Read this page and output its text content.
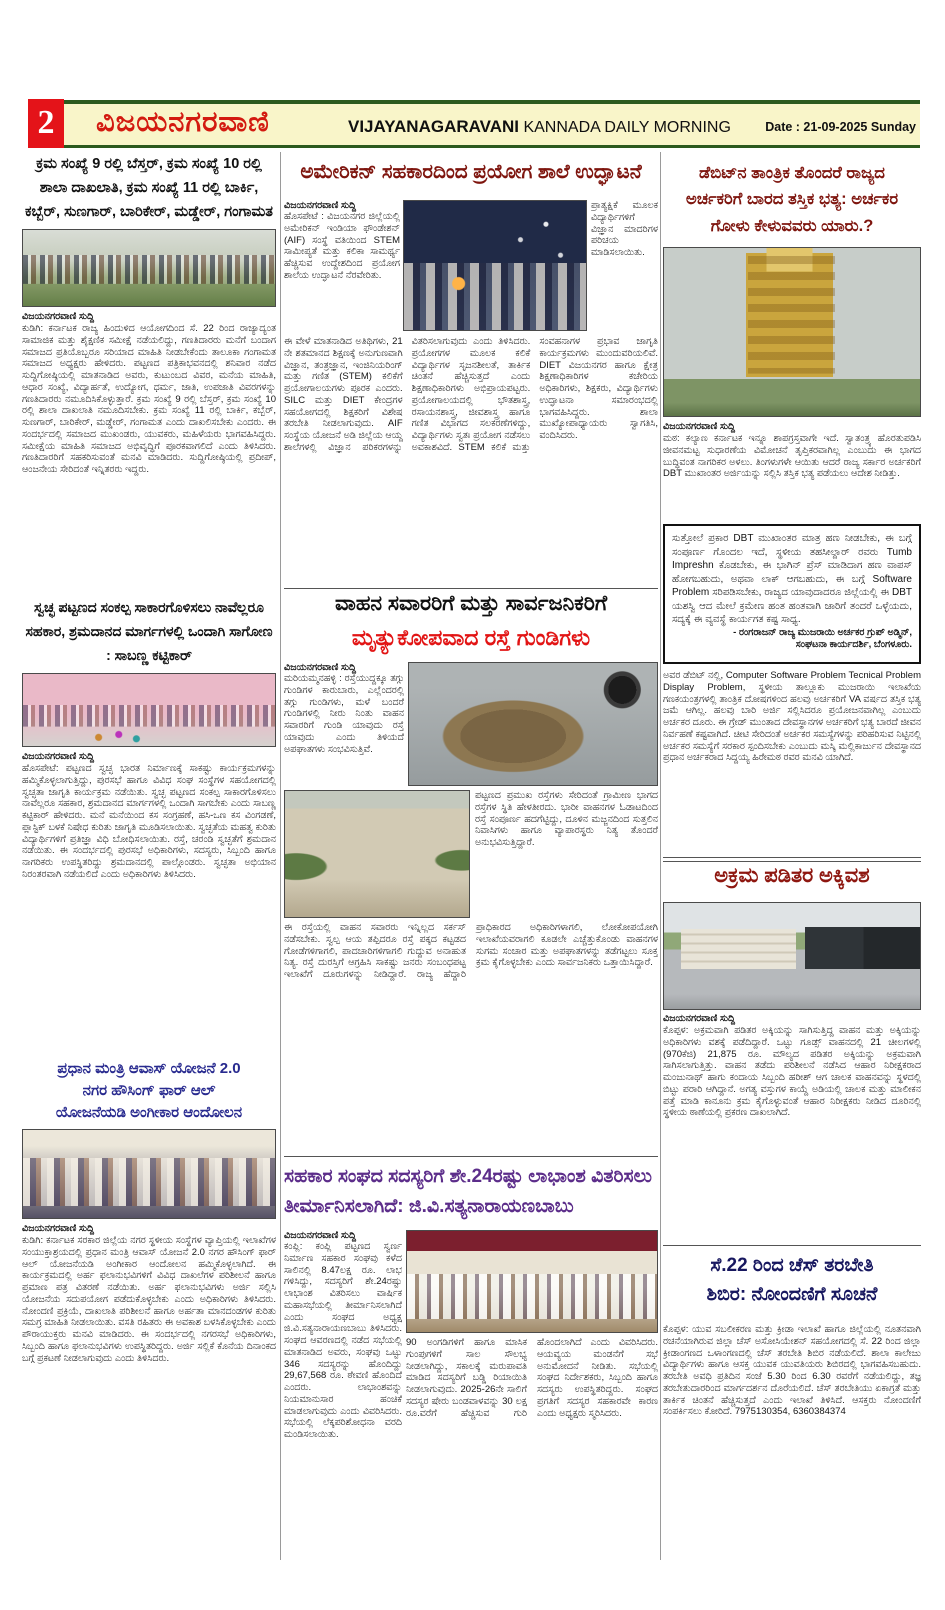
2	ವಿಜಯನಗರವಾಣಿ	VIJAYANAGARAVANI KANNADA DAILY MORNING	Date : 21-09-2025 Sunday
ಕ್ರಮ ಸಂಖ್ಯೆ 9 ರಲ್ಲಿ ಬೆಸ್ತರ್, ಕ್ರಮ ಸಂಖ್ಯೆ 10 ರಲ್ಲಿ ಶಾಲಾ ದಾಖಲಾತಿ, ಕ್ರಮ ಸಂಖ್ಯೆ 11 ರಲ್ಲಿ ಬಾರ್ಕಿ, ಕಬ್ಬೆರ್, ಸುಣಗಾರ್, ಬಾರಿಕೇರ್, ಮಡ್ಡೇರ್, ಗಂಗಾಮತ
ವಿಜಯನಗರವಾಣಿ ಸುದ್ದಿ
ಕುಡಿಗಿ: ಕರ್ನಾಟಕ ರಾಜ್ಯ ಹಿಂದುಳಿದ ಆಯೋಗದಿಂದ ಸೆ. 22 ರಿಂದ ರಾಜ್ಯಾದ್ಯಂತ ಸಾಮಾಜಿಕ ಮತ್ತು ಶೈಕ್ಷಣಿಕ ಸಮೀಕ್ಷೆ ನಡೆಯಲಿದ್ದು, ಗಣತಿದಾರರು ಮನೆಗೆ ಬಂದಾಗ ಸಮಾಜದ ಪ್ರತಿಯೊಬ್ಬರೂ ಸರಿಯಾದ ಮಾಹಿತಿ ನೀಡಬೇಕೆಂದು ತಾಲೂಕಾ ಗಂಗಾಮತ ಸಮಾಜದ ಅಧ್ಯಕ್ಷರು ಹೇಳಿದರು. ಪಟ್ಟಣದ ಪತ್ರಿಕಾಭವನದಲ್ಲಿ ಶನಿವಾರ ನಡೆದ ಸುದ್ದಿಗೋಷ್ಠಿಯಲ್ಲಿ ಮಾತನಾಡಿದ ಅವರು, ಕುಟುಂಬದ ವಿವರ, ಮನೆಯ ಮಾಹಿತಿ, ಆಧಾರ ಸಂಖ್ಯೆ, ವಿದ್ಯಾರ್ಹತೆ, ಉದ್ಯೋಗ, ಧರ್ಮ, ಜಾತಿ, ಉಪಜಾತಿ ವಿವರಗಳನ್ನು ಗಣತಿದಾರರು ನಮೂದಿಸಿಕೊಳ್ಳುತ್ತಾರೆ. ಕ್ರಮ ಸಂಖ್ಯೆ 9 ರಲ್ಲಿ ಬೆಸ್ತರ್, ಕ್ರಮ ಸಂಖ್ಯೆ 10 ರಲ್ಲಿ ಶಾಲಾ ದಾಖಲಾತಿ ನಮೂದಿಸಬೇಕು. ಕ್ರಮ ಸಂಖ್ಯೆ 11 ರಲ್ಲಿ ಬಾರ್ಕಿ, ಕಬ್ಬೆರ್, ಸುಣಗಾರ್, ಬಾರಿಕೇರ್, ಮಡ್ಡೇರ್, ಗಂಗಾಮತ ಎಂದು ದಾಖಲಿಸಬೇಕು ಎಂದರು. ಈ ಸಂದರ್ಭದಲ್ಲಿ ಸಮಾಜದ ಮುಖಂಡರು, ಯುವಕರು, ಮಹಿಳೆಯರು ಭಾಗವಹಿಸಿದ್ದರು. ಸಮೀಕ್ಷೆಯ ಮಾಹಿತಿ ಸಮಾಜದ ಅಭಿವೃದ್ಧಿಗೆ ಪೂರಕವಾಗಲಿದೆ ಎಂದು ತಿಳಿಸಿದರು. ಗಣತಿದಾರರಿಗೆ ಸಹಕರಿಸುವಂತೆ ಮನವಿ ಮಾಡಿದರು. ಸುದ್ದಿಗೋಷ್ಠಿಯಲ್ಲಿ ಪ್ರದೀಪ್, ಆಂಜನೇಯ ಸೇರಿದಂತೆ ಇನ್ನಿತರರು ಇದ್ದರು.
ಸ್ವಚ್ಛ ಪಟ್ಟಣದ ಸಂಕಲ್ಪ ಸಾಕಾರಗೊಳಿಸಲು ನಾವೆಲ್ಲರೂ ಸಹಕಾರ, ಶ್ರಮದಾನದ ಮಾರ್ಗಗಳಲ್ಲಿ ಒಂದಾಗಿ ಸಾಗೋಣ : ಸಾಬಣ್ಣ ಕಟ್ಟಿಕಾರ್
ವಿಜಯನಗರವಾಣಿ ಸುದ್ದಿ
ಹೊಸಪೇಟೆ: ಪಟ್ಟಣದ ಸ್ವಚ್ಛ ಭಾರತ ನಿರ್ಮಾಣಕ್ಕೆ ಸಾಕಷ್ಟು ಕಾರ್ಯಕ್ರಮಗಳನ್ನು ಹಮ್ಮಿಕೊಳ್ಳಲಾಗುತ್ತಿದ್ದು, ಪುರಸಭೆ ಹಾಗೂ ವಿವಿಧ ಸಂಘ ಸಂಸ್ಥೆಗಳ ಸಹಯೋಗದಲ್ಲಿ ಸ್ವಚ್ಛತಾ ಜಾಗೃತಿ ಕಾರ್ಯಕ್ರಮ ನಡೆಯಿತು. ಸ್ವಚ್ಛ ಪಟ್ಟಣದ ಸಂಕಲ್ಪ ಸಾಕಾರಗೊಳಿಸಲು ನಾವೆಲ್ಲರೂ ಸಹಕಾರ, ಶ್ರಮದಾನದ ಮಾರ್ಗಗಳಲ್ಲಿ ಒಂದಾಗಿ ಸಾಗಬೇಕು ಎಂದು ಸಾಬಣ್ಣ ಕಟ್ಟಿಕಾರ್ ಹೇಳಿದರು. ಮನೆ ಮನೆಯಿಂದ ಕಸ ಸಂಗ್ರಹಣೆ, ಹಸಿ-ಒಣ ಕಸ ವಿಂಗಡಣೆ, ಪ್ಲಾಸ್ಟಿಕ್ ಬಳಕೆ ನಿಷೇಧ ಕುರಿತು ಜಾಗೃತಿ ಮೂಡಿಸಲಾಯಿತು. ಸ್ವಚ್ಛತೆಯ ಮಹತ್ವ ಕುರಿತು ವಿದ್ಯಾರ್ಥಿಗಳಿಗೆ ಪ್ರತಿಜ್ಞಾ ವಿಧಿ ಬೋಧಿಸಲಾಯಿತು. ರಸ್ತೆ, ಚರಂಡಿ ಸ್ವಚ್ಛತೆಗೆ ಶ್ರಮದಾನ ನಡೆಯಿತು. ಈ ಸಂದರ್ಭದಲ್ಲಿ ಪುರಸಭೆ ಅಧಿಕಾರಿಗಳು, ಸದಸ್ಯರು, ಸಿಬ್ಬಂದಿ ಹಾಗೂ ನಾಗರಿಕರು ಉಪಸ್ಥಿತರಿದ್ದು ಶ್ರಮದಾನದಲ್ಲಿ ಪಾಲ್ಗೊಂಡರು. ಸ್ವಚ್ಛತಾ ಅಭಿಯಾನ ನಿರಂತರವಾಗಿ ನಡೆಯಲಿದೆ ಎಂದು ಅಧಿಕಾರಿಗಳು ತಿಳಿಸಿದರು.
ಪ್ರಧಾನ ಮಂತ್ರಿ ಆವಾಸ್ ಯೋಜನೆ 2.0
ನಗರ ಹೌಸಿಂಗ್ ಫಾರ್ ಆಲ್
ಯೋಜನೆಯಡಿ ಅಂಗೀಕಾರ ಆಂದೋಲನ
ವಿಜಯನಗರವಾಣಿ ಸುದ್ದಿ
ಕುಡಿಗಿ: ಕರ್ನಾಟಕ ಸರಕಾರ ಜಿಲ್ಲೆಯ ನಗರ ಸ್ಥಳೀಯ ಸಂಸ್ಥೆಗಳ ವ್ಯಾಪ್ತಿಯಲ್ಲಿ ಇಲಾಖೆಗಳ ಸಂಯುಕ್ತಾಶ್ರಯದಲ್ಲಿ ಪ್ರಧಾನ ಮಂತ್ರಿ ಆವಾಸ್ ಯೋಜನೆ 2.0 ನಗರ ಹೌಸಿಂಗ್ ಫಾರ್ ಆಲ್ ಯೋಜನೆಯಡಿ ಅಂಗೀಕಾರ ಆಂದೋಲನ ಹಮ್ಮಿಕೊಳ್ಳಲಾಗಿದೆ. ಈ ಕಾರ್ಯಕ್ರಮದಲ್ಲಿ ಅರ್ಹ ಫಲಾನುಭವಿಗಳಿಗೆ ವಿವಿಧ ದಾಖಲೆಗಳ ಪರಿಶೀಲನೆ ಹಾಗೂ ಪ್ರಮಾಣ ಪತ್ರ ವಿತರಣೆ ನಡೆಯಿತು. ಅರ್ಹ ಫಲಾನುಭವಿಗಳು ಅರ್ಜಿ ಸಲ್ಲಿಸಿ ಯೋಜನೆಯ ಸದುಪಯೋಗ ಪಡೆದುಕೊಳ್ಳಬೇಕು ಎಂದು ಅಧಿಕಾರಿಗಳು ತಿಳಿಸಿದರು. ನೋಂದಣಿ ಪ್ರಕ್ರಿಯೆ, ದಾಖಲಾತಿ ಪರಿಶೀಲನೆ ಹಾಗೂ ಅರ್ಹತಾ ಮಾನದಂಡಗಳ ಕುರಿತು ಸಮಗ್ರ ಮಾಹಿತಿ ನೀಡಲಾಯಿತು. ವಸತಿ ರಹಿತರು ಈ ಅವಕಾಶ ಬಳಸಿಕೊಳ್ಳಬೇಕು ಎಂದು ಪೌರಾಯುಕ್ತರು ಮನವಿ ಮಾಡಿದರು. ಈ ಸಂದರ್ಭದಲ್ಲಿ ನಗರಸಭೆ ಅಧಿಕಾರಿಗಳು, ಸಿಬ್ಬಂದಿ ಹಾಗೂ ಫಲಾನುಭವಿಗಳು ಉಪಸ್ಥಿತರಿದ್ದರು. ಅರ್ಜಿ ಸಲ್ಲಿಕೆ ಕೊನೆಯ ದಿನಾಂಕದ ಬಗ್ಗೆ ಪ್ರಕಟಣೆ ನೀಡಲಾಗುವುದು ಎಂದು ತಿಳಿಸಿದರು.
ಅಮೇರಿಕನ್ ಸಹಕಾರದಿಂದ ಪ್ರಯೋಗ ಶಾಲೆ ಉದ್ಘಾಟನೆ
ವಿಜಯನಗರವಾಣಿ ಸುದ್ದಿ
ಹೊಸಪೇಟೆ : ವಿಜಯನಗರ ಜಿಲ್ಲೆಯಲ್ಲಿ ಅಮೇರಿಕನ್ ಇಂಡಿಯಾ ಫೌಂಡೇಶನ್ (AIF) ಸಂಸ್ಥೆ ವತಿಯಿಂದ STEM ಸಾಮೀಪ್ಯತೆ ಮತ್ತು ಕಲಿಕಾ ಸಾಮರ್ಥ್ಯ ಹೆಚ್ಚಿಸುವ ಉದ್ದೇಶದಿಂದ ಪ್ರಯೋಗ ಶಾಲೆಯ ಉದ್ಘಾಟನೆ ನೆರವೇರಿತು.
ಪ್ರಾತ್ಯಕ್ಷಿಕೆ ಮೂಲಕ ವಿದ್ಯಾರ್ಥಿಗಳಿಗೆ ವಿಜ್ಞಾನ ಮಾದರಿಗಳ ಪರಿಚಯ ಮಾಡಿಸಲಾಯಿತು.
ಈ ವೇಳೆ ಮಾತನಾಡಿದ ಅತಿಥಿಗಳು, 21 ನೇ ಶತಮಾನದ ಶಿಕ್ಷಣಕ್ಕೆ ಅನುಗುಣವಾಗಿ ವಿಜ್ಞಾನ, ತಂತ್ರಜ್ಞಾನ, ಇಂಜಿನಿಯರಿಂಗ್ ಮತ್ತು ಗಣಿತ (STEM) ಕಲಿಕೆಗೆ ಪ್ರಯೋಗಾಲಯಗಳು ಪೂರಕ ಎಂದರು. SILC ಮತ್ತು DIET ಕೇಂದ್ರಗಳ ಸಹಯೋಗದಲ್ಲಿ ಶಿಕ್ಷಕರಿಗೆ ವಿಶೇಷ ತರಬೇತಿ ನೀಡಲಾಗುವುದು. AIF ಸಂಸ್ಥೆಯ ಯೋಜನೆ ಅಡಿ ಜಿಲ್ಲೆಯ ಆಯ್ದ ಶಾಲೆಗಳಲ್ಲಿ ವಿಜ್ಞಾನ ಪರಿಕರಗಳನ್ನು ವಿತರಿಸಲಾಗುವುದು ಎಂದು ತಿಳಿಸಿದರು. ಪ್ರಯೋಗಗಳ ಮೂಲಕ ಕಲಿಕೆ ವಿದ್ಯಾರ್ಥಿಗಳ ಸೃಜನಶೀಲತೆ, ತಾರ್ಕಿಕ ಚಿಂತನೆ ಹೆಚ್ಚಿಸುತ್ತದೆ ಎಂದು ಶಿಕ್ಷಣಾಧಿಕಾರಿಗಳು ಅಭಿಪ್ರಾಯಪಟ್ಟರು. ಪ್ರಯೋಗಾಲಯದಲ್ಲಿ ಭೌತಶಾಸ್ತ್ರ, ರಸಾಯನಶಾಸ್ತ್ರ, ಜೀವಶಾಸ್ತ್ರ ಹಾಗೂ ಗಣಿತ ವಿಭಾಗದ ಸಲಕರಣೆಗಳಿದ್ದು, ವಿದ್ಯಾರ್ಥಿಗಳು ಸ್ವತಃ ಪ್ರಯೋಗ ನಡೆಸಲು ಅವಕಾಶವಿದೆ. STEM ಕಲಿಕೆ ಮತ್ತು ಸಂವಹನಾಗಳ ಪ್ರಭಾವ ಜಾಗೃತಿ ಕಾರ್ಯಕ್ರಮಗಳು ಮುಂದುವರಿಯಲಿವೆ. DIET ವಿಜಯನಗರ ಹಾಗೂ ಕ್ಷೇತ್ರ ಶಿಕ್ಷಣಾಧಿಕಾರಿಗಳ ಕಚೇರಿಯ ಅಧಿಕಾರಿಗಳು, ಶಿಕ್ಷಕರು, ವಿದ್ಯಾರ್ಥಿಗಳು ಉದ್ಘಾಟನಾ ಸಮಾರಂಭದಲ್ಲಿ ಭಾಗವಹಿಸಿದ್ದರು. ಶಾಲಾ ಮುಖ್ಯೋಪಾಧ್ಯಾಯರು ಸ್ವಾಗತಿಸಿ, ವಂದಿಸಿದರು.
ವಾಹನ ಸವಾರರಿಗೆ ಮತ್ತು ಸಾರ್ವಜನಿಕರಿಗೆ
ಮೃತ್ಯುಕೋಪವಾದ ರಸ್ತೆ ಗುಂಡಿಗಳು
ವಿಜಯನಗರವಾಣಿ ಸುದ್ದಿ
ಮರಿಯಮ್ಮನಹಳ್ಳಿ : ರಸ್ತೆಯುದ್ದಕ್ಕೂ ತಗ್ಗು ಗುಂಡಿಗಳ ಕಾರುಬಾರು, ಎಲ್ಲೆಂದರಲ್ಲಿ ತಗ್ಗು ಗುಂಡಿಗಳು, ಮಳೆ ಬಂದರೆ ಗುಂಡಿಗಳಲ್ಲಿ ನೀರು ನಿಂತು ವಾಹನ ಸವಾರರಿಗೆ ಗುಂಡಿ ಯಾವುದು ರಸ್ತೆ ಯಾವುದು ಎಂದು ತಿಳಿಯದೆ ಅಪಘಾತಗಳು ಸಂಭವಿಸುತ್ತಿವೆ.
ಪಟ್ಟಣದ ಪ್ರಮುಖ ರಸ್ತೆಗಳು ಸೇರಿದಂತೆ ಗ್ರಾಮೀಣ ಭಾಗದ ರಸ್ತೆಗಳ ಸ್ಥಿತಿ ಹೇಳತೀರದು. ಭಾರೀ ವಾಹನಗಳ ಓಡಾಟದಿಂದ ರಸ್ತೆ ಸಂಪೂರ್ಣ ಹದಗೆಟ್ಟಿದ್ದು, ದೂಳಿನ ಮಜ್ಜನದಿಂದ ಸುತ್ತಲಿನ ನಿವಾಸಿಗಳು ಹಾಗೂ ವ್ಯಾಪಾರಸ್ಥರು ನಿತ್ಯ ತೊಂದರೆ ಅನುಭವಿಸುತ್ತಿದ್ದಾರೆ.
ಈ ರಸ್ತೆಯಲ್ಲಿ ವಾಹನ ಸವಾರರು ಇನ್ನಿಲ್ಲದ ಸರ್ಕಸ್ ನಡೆಸಬೇಕು. ಸ್ವಲ್ಪ ಆಯ ತಪ್ಪಿದರೂ ರಸ್ತೆ ಪಕ್ಕದ ಕಟ್ಟಡದ ಗೋಡೆಗಳಿಗಾಗಲಿ, ಪಾದಚಾರಿಗಳಿಗಾಗಲಿ ಗುದ್ದುವ ಅನಾಹುತ ನಿತ್ಯ. ರಸ್ತೆ ದುರಸ್ತಿಗೆ ಆಗ್ರಹಿಸಿ ಸಾಕಷ್ಟು ಜನರು ಸಂಬಂಧಪಟ್ಟ ಇಲಾಖೆಗೆ ದೂರುಗಳನ್ನು ನೀಡಿದ್ದಾರೆ. ರಾಜ್ಯ ಹೆದ್ದಾರಿ ಪ್ರಾಧಿಕಾರದ ಅಧಿಕಾರಿಗಳಾಗಲಿ, ಲೋಕೋಪಯೋಗಿ ಇಲಾಖೆಯವರಾಗಲಿ ಕೂಡಲೇ ಎಚ್ಚೆತ್ತುಕೊಂಡು ವಾಹನಗಳ ಸುಗಮ ಸಂಚಾರ ಮತ್ತು ಅಪಘಾತಗಳನ್ನು ತಡೆಗಟ್ಟಲು ಸೂಕ್ತ ಕ್ರಮ ಕೈಗೊಳ್ಳಬೇಕು ಎಂದು ಸಾರ್ವಜನಿಕರು ಒತ್ತಾಯಿಸಿದ್ದಾರೆ.
ಸಹಕಾರ ಸಂಘದ ಸದಸ್ಯರಿಗೆ ಶೇ.24ರಷ್ಟು ಲಾಭಾಂಶ ವಿತರಿಸಲು ತೀರ್ಮಾನಿಸಲಾಗಿದೆ: ಜಿ.ವಿ.ಸತ್ಯನಾರಾಯಣಬಾಬು
ವಿಜಯನಗರವಾಣಿ ಸುದ್ದಿ
ಕಂಪ್ಲಿ: ಕಂಪ್ಲಿ ಪಟ್ಟಣದ ಸ್ವರ್ಣ ನಿರ್ಮಾಣ ಸಹಕಾರ ಸಂಘವು ಕಳೆದ ಸಾಲಿನಲ್ಲಿ 8.47ಲಕ್ಷ ರೂ. ಲಾಭ ಗಳಿಸಿದ್ದು, ಸದಸ್ಯರಿಗೆ ಶೇ.24ರಷ್ಟು ಲಾಭಾಂಶ ವಿತರಿಸಲು ವಾರ್ಷಿಕ ಮಹಾಸಭೆಯಲ್ಲಿ ತೀರ್ಮಾನಿಸಲಾಗಿದೆ ಎಂದು ಸಂಘದ ಅಧ್ಯಕ್ಷ ಜಿ.ವಿ.ಸತ್ಯನಾರಾಯಣಬಾಬು ತಿಳಿಸಿದರು. ಸಂಘದ ಆವರಣದಲ್ಲಿ ನಡೆದ ಸಭೆಯಲ್ಲಿ ಮಾತನಾಡಿದ ಅವರು, ಸಂಘವು ಒಟ್ಟು 346 ಸದಸ್ಯರನ್ನು ಹೊಂದಿದ್ದು 29,67,568 ರೂ. ಠೇವಣಿ ಹೊಂದಿದೆ ಎಂದರು. ಲಾಭಾಂಶವನ್ನು ನಿಯಮಾನುಸಾರ ಹಂಚಿಕೆ ಮಾಡಲಾಗುವುದು ಎಂದು ವಿವರಿಸಿದರು. ಸಭೆಯಲ್ಲಿ ಲೆಕ್ಕಪರಿಶೋಧನಾ ವರದಿ ಮಂಡಿಸಲಾಯಿತು.
90 ಅಂಗಡಿಗಳಿಗೆ ಹಾಗೂ ಮಾಸಿಕ ಗುಂಪುಗಳಿಗೆ ಸಾಲ ಸೌಲಭ್ಯ ನೀಡಲಾಗಿದ್ದು, ಸಕಾಲಕ್ಕೆ ಮರುಪಾವತಿ ಮಾಡಿದ ಸದಸ್ಯರಿಗೆ ಬಡ್ಡಿ ರಿಯಾಯಿತಿ ನೀಡಲಾಗುವುದು. 2025-26ನೇ ಸಾಲಿಗೆ ಸದಸ್ಯರ ಷೇರು ಬಂಡವಾಳವನ್ನು 30 ಲಕ್ಷ ರೂ.ವರೆಗೆ ಹೆಚ್ಚಿಸುವ ಗುರಿ ಹೊಂದಲಾಗಿದೆ ಎಂದು ವಿವರಿಸಿದರು. ಆಯವ್ಯಯ ಮಂಡನೆಗೆ ಸಭೆ ಅನುಮೋದನೆ ನೀಡಿತು. ಸಭೆಯಲ್ಲಿ ಸಂಘದ ನಿರ್ದೇಶಕರು, ಸಿಬ್ಬಂದಿ ಹಾಗೂ ಸದಸ್ಯರು ಉಪಸ್ಥಿತರಿದ್ದರು. ಸಂಘದ ಪ್ರಗತಿಗೆ ಸದಸ್ಯರ ಸಹಕಾರವೇ ಕಾರಣ ಎಂದು ಅಧ್ಯಕ್ಷರು ಸ್ಮರಿಸಿದರು.
ಡೆಬಿಟ್‌ನ ತಾಂತ್ರಿಕ ತೊಂದರೆ ರಾಜ್ಯದ
ಅರ್ಚಕರಿಗೆ ಬಾರದ ತಸ್ತಿಕ ಭತ್ಯ: ಅರ್ಚಕರ
ಗೋಳು ಕೇಳುವವರು ಯಾರು.?
ವಿಜಯನಗರವಾಣಿ ಸುದ್ದಿ
ಮಠ: ಕಲ್ಯಾಣ ಕರ್ನಾಟಕ ಇನ್ನೂ ಶಾಪಗ್ರಸ್ತವಾಗೇ ಇದೆ. ಸ್ವಾತಂತ್ರ್ಯ ಹೊರತುಪಡಿಸಿ ಜೀವನಮಟ್ಟ ಸುಧಾರಣೆಯ ವಿಮೋಚನೆ ತೃಪ್ತಿಕರವಾಗಿಲ್ಲ ಎಂಬುದು ಈ ಭಾಗದ ಬುದ್ಧಿವಂತ ನಾಗರಿಕರ ಅಳಲು. ತಿಂಗಳುಗಳೇ ಆಯಿತು ಆದರೆ ರಾಜ್ಯ ಸರ್ಕಾರ ಅರ್ಚಕರಿಗೆ DBT ಮುಖಾಂತರ ಅರ್ಜಿಯನ್ನು ಸಲ್ಲಿಸಿ ತಸ್ತಿಕ ಭತ್ಯ ಪಡೆಯಲು ಆದೇಶ ನೀಡಿತ್ತು.
ಸುತ್ತೋಲೆ ಪ್ರಕಾರ DBT ಮುಖಾಂತರ ಮಾತ್ರ ಹಣ ನೀಡಬೇಕು, ಈ ಬಗ್ಗೆ ಸಂಪೂರ್ಣ ಗೊಂದಲ ಇದೆ, ಸ್ಥಳೀಯ ತಹಸೀಲ್ದಾರ್ ರವರು Tumb Impreshn ಕೊಡಬೇಕು, ಈ ಭಾಗಿನ್ ಪ್ರೆಸ್ ಮಾಡಿದಾಗ ಹಣ ವಾಪಸ್ ಹೋಗಬಹುದು, ಅಥವಾ ಲಾಕ್ ಆಗಬಹುದು, ಈ ಬಗ್ಗೆ Software Problem ಸರಿಪಡಿಸಬೇಕು, ರಾಜ್ಯದ ಯಾವುದಾದರೂ ಜಿಲ್ಲೆಯಲ್ಲಿ ಈ DBT ಯಶಸ್ವಿ ಆದ ಮೇಲೆ ಕ್ರಮೇಣ ಹಂತ ಹಂತವಾಗಿ ಜಾರಿಗೆ ತಂದರೆ ಒಳ್ಳೆಯದು, ಸದ್ಯಕ್ಕೆ ಈ ವ್ಯವಸ್ಥೆ ಕಾರ್ಯಗತ ಕಷ್ಟ ಸಾಧ್ಯ.
- ರಂಗರಾಜನ್ ರಾಜ್ಯ ಮುಜರಾಯಿ ಅರ್ಚಕರ ಗ್ರುಪ್ ಅಡ್ಮಿನ್,
ಸಂಘಟನಾ ಕಾರ್ಯದರ್ಶಿ, ಬೆಂಗಳೂರು.
ಅವರ ಡೆಬಿಟ್ ನಲ್ಲಿ, Computer Software Problem Tecnical Problem Display Problem, ಸ್ಥಳೀಯ ತಾಲ್ಲೂಕು ಮುಜರಾಯಿ ಇಲಾಖೆಯ ಗಣಕಯಂತ್ರಗಳಲ್ಲಿ ತಾಂತ್ರಿಕ ದೋಷಗಳಿಂದ ಹಲವು ಅರ್ಚಕರಿಗೆ VA ವರ್ಷದ ತಸ್ತಿಕ ಭತ್ಯ ಜಮೆ ಆಗಿಲ್ಲ. ಹಲವು ಬಾರಿ ಅರ್ಜಿ ಸಲ್ಲಿಸಿದರೂ ಪ್ರಯೋಜನವಾಗಿಲ್ಲ ಎಂಬುದು ಅರ್ಚಕರ ದೂರು. ಈ ಗ್ರೇಡ್ ಮುಂತಾದ ದೇವಸ್ಥಾನಗಳ ಅರ್ಚಕರಿಗೆ ಭತ್ಯ ಬಾರದೆ ಜೀವನ ನಿರ್ವಹಣೆ ಕಷ್ಟವಾಗಿದೆ. ಚೀಟಿ ಸೇರಿದಂತೆ ಅರ್ಚಕರ ಸಮಸ್ಯೆಗಳನ್ನು ಪರಿಹರಿಸುವ ನಿಟ್ಟಿನಲ್ಲಿ ಅರ್ಚಕರ ಸಮಸ್ಯೆಗೆ ಸರಕಾರ ಸ್ಪಂದಿಸಬೇಕು ಎಂಬುದು ಮಸ್ಕಿ ಮಲ್ಲಿಕಾರ್ಜುನ ದೇವಸ್ಥಾನದ ಪ್ರಧಾನ ಅರ್ಚಕರಾದ ಸಿದ್ದಯ್ಯ ಹಿರೇಮಠ ರವರ ಮನವಿ ಯಾಗಿದೆ.
ಅಕ್ರಮ ಪಡಿತರ ಅಕ್ಕಿವಶ
ವಿಜಯನಗರವಾಣಿ ಸುದ್ದಿ
ಕೊಪ್ಪಳ: ಅಕ್ರಮವಾಗಿ ಪಡಿತರ ಅಕ್ಕಿಯನ್ನು ಸಾಗಿಸುತ್ತಿದ್ದ ವಾಹನ ಮತ್ತು ಅಕ್ಕಿಯನ್ನು ಅಧಿಕಾರಿಗಳು ವಶಕ್ಕೆ ಪಡೆದಿದ್ದಾರೆ. ಒಟ್ಟು ಗೂಡ್ಸ್ ವಾಹನದಲ್ಲಿ 21 ಚೀಲಗಳಲ್ಲಿ (970ಕೆಜಿ) 21,875 ರೂ. ಮೌಲ್ಯದ ಪಡಿತರ ಅಕ್ಕಿಯನ್ನು ಅಕ್ರಮವಾಗಿ ಸಾಗಿಸಲಾಗುತ್ತಿತ್ತು. ವಾಹನ ತಡೆದು ಪರಿಶೀಲನೆ ನಡೆಸಿದ ಆಹಾರ ನಿರೀಕ್ಷಕರಾದ ಮಂಜುನಾಥ್ ಹಾಗು ಕಂದಾಯ ಸಿಬ್ಬಂದಿ ಹರೀಶ್ ಆಗ ಚಾಲಕ ವಾಹನವನ್ನು ಸ್ಥಳದಲ್ಲಿ ಬಿಟ್ಟು ಪರಾರಿ ಆಗಿದ್ದಾನೆ. ಅಗತ್ಯ ವಸ್ತುಗಳ ಕಾಯ್ದೆ ಅಡಿಯಲ್ಲಿ ಚಾಲಕ ಮತ್ತು ಮಾಲೀಕನ ಪತ್ತೆ ಮಾಡಿ ಕಾನೂನು ಕ್ರಮ ಕೈಗೊಳ್ಳುವಂತೆ ಆಹಾರ ನಿರೀಕ್ಷಕರು ನೀಡಿದ ದೂರಿನಲ್ಲಿ ಸ್ಥಳೀಯ ಠಾಣೆಯಲ್ಲಿ ಪ್ರಕರಣ ದಾಖಲಾಗಿದೆ.
ಸೆ.22 ರಿಂದ ಚೆಸ್ ತರಬೇತಿ
ಶಿಬಿರ: ನೋಂದಣಿಗೆ ಸೂಚನೆ
ಕೊಪ್ಪಳ: ಯುವ ಸಬಲೀಕರಣ ಮತ್ತು ಕ್ರೀಡಾ ಇಲಾಖೆ ಹಾಗೂ ಜಿಲ್ಲೆಯಲ್ಲಿ ನೂತನವಾಗಿ ರಚನೆಯಾಗಿರುವ ಜಿಲ್ಲಾ ಚೆಸ್ ಅಸೋಸಿಯೇಶನ್ ಸಹಯೋಗದಲ್ಲಿ ಸೆ. 22 ರಿಂದ ಜಿಲ್ಲಾ ಕ್ರೀಡಾಂಗಣದ ಒಳಾಂಗಣದಲ್ಲಿ ಚೆಸ್ ತರಬೇತಿ ಶಿಬಿರ ನಡೆಯಲಿದೆ. ಶಾಲಾ ಕಾಲೇಜು ವಿದ್ಯಾರ್ಥಿಗಳು ಹಾಗೂ ಆಸಕ್ತ ಯುವಕ ಯುವತಿಯರು ಶಿಬಿರದಲ್ಲಿ ಭಾಗವಹಿಸಬಹುದು. ತರಬೇತಿ ಅವಧಿ ಪ್ರತಿದಿನ ಸಂಜೆ 5.30 ರಿಂದ 6.30 ರವರೆಗೆ ನಡೆಯಲಿದ್ದು, ತಜ್ಞ ತರಬೇತುದಾರರಿಂದ ಮಾರ್ಗದರ್ಶನ ದೊರೆಯಲಿದೆ. ಚೆಸ್ ತರಬೇತಿಯು ಏಕಾಗ್ರತೆ ಮತ್ತು ತಾರ್ಕಿಕ ಚಿಂತನೆ ಹೆಚ್ಚಿಸುತ್ತದೆ ಎಂದು ಇಲಾಖೆ ತಿಳಿಸಿದೆ. ಆಸಕ್ತರು ನೋಂದಣಿಗೆ ಸಂಪರ್ಕಿಸಲು ಕೋರಿದೆ. 7975130354, 6360384374
